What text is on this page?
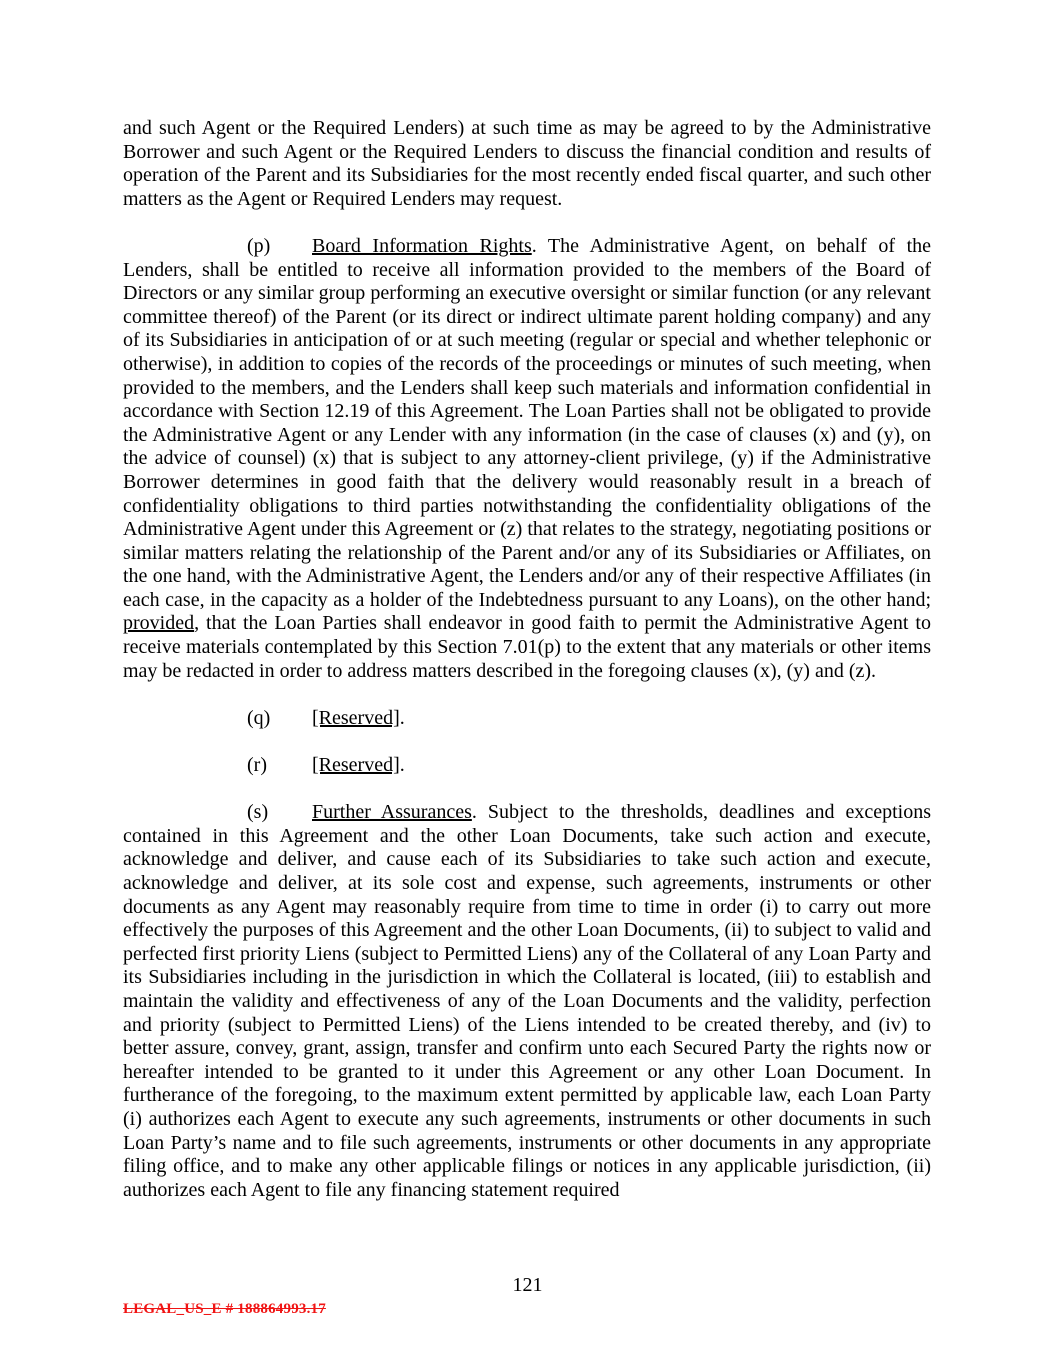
and such Agent or the Required Lenders) at such time as may be agreed to by the Administrative Borrower and such Agent or the Required Lenders to discuss the financial condition and results of operation of the Parent and its Subsidiaries for the most recently ended fiscal quarter, and such other matters as the Agent or Required Lenders may request.

(p) Board Information Rights. The Administrative Agent, on behalf of the Lenders, shall be entitled to receive all information provided to the members of the Board of Directors or any similar group performing an executive oversight or similar function (or any relevant committee thereof) of the Parent (or its direct or indirect ultimate parent holding company) and any of its Subsidiaries in anticipation of or at such meeting (regular or special and whether telephonic or otherwise), in addition to copies of the records of the proceedings or minutes of such meeting, when provided to the members, and the Lenders shall keep such materials and information confidential in accordance with Section 12.19 of this Agreement. The Loan Parties shall not be obligated to provide the Administrative Agent or any Lender with any information (in the case of clauses (x) and (y), on the advice of counsel) (x) that is subject to any attorney-client privilege, (y) if the Administrative Borrower determines in good faith that the delivery would reasonably result in a breach of confidentiality obligations to third parties notwithstanding the confidentiality obligations of the Administrative Agent under this Agreement or (z) that relates to the strategy, negotiating positions or similar matters relating the relationship of the Parent and/or any of its Subsidiaries or Affiliates, on the one hand, with the Administrative Agent, the Lenders and/or any of their respective Affiliates (in each case, in the capacity as a holder of the Indebtedness pursuant to any Loans), on the other hand; provided, that the Loan Parties shall endeavor in good faith to permit the Administrative Agent to receive materials contemplated by this Section 7.01(p) to the extent that any materials or other items may be redacted in order to address matters described in the foregoing clauses (x), (y) and (z).

(q) [Reserved].

(r) [Reserved].

(s) Further Assurances. Subject to the thresholds, deadlines and exceptions contained in this Agreement and the other Loan Documents, take such action and execute, acknowledge and deliver, and cause each of its Subsidiaries to take such action and execute, acknowledge and deliver, at its sole cost and expense, such agreements, instruments or other documents as any Agent may reasonably require from time to time in order (i) to carry out more effectively the purposes of this Agreement and the other Loan Documents, (ii) to subject to valid and perfected first priority Liens (subject to Permitted Liens) any of the Collateral of any Loan Party and its Subsidiaries including in the jurisdiction in which the Collateral is located, (iii) to establish and maintain the validity and effectiveness of any of the Loan Documents and the validity, perfection and priority (subject to Permitted Liens) of the Liens intended to be created thereby, and (iv) to better assure, convey, grant, assign, transfer and confirm unto each Secured Party the rights now or hereafter intended to be granted to it under this Agreement or any other Loan Document. In furtherance of the foregoing, to the maximum extent permitted by applicable law, each Loan Party (i) authorizes each Agent to execute any such agreements, instruments or other documents in such Loan Party’s name and to file such agreements, instruments or other documents in any appropriate filing office, and to make any other applicable filings or notices in any applicable jurisdiction, (ii) authorizes each Agent to file any financing statement required

121
LEGAL_US_E # 188864993.17
